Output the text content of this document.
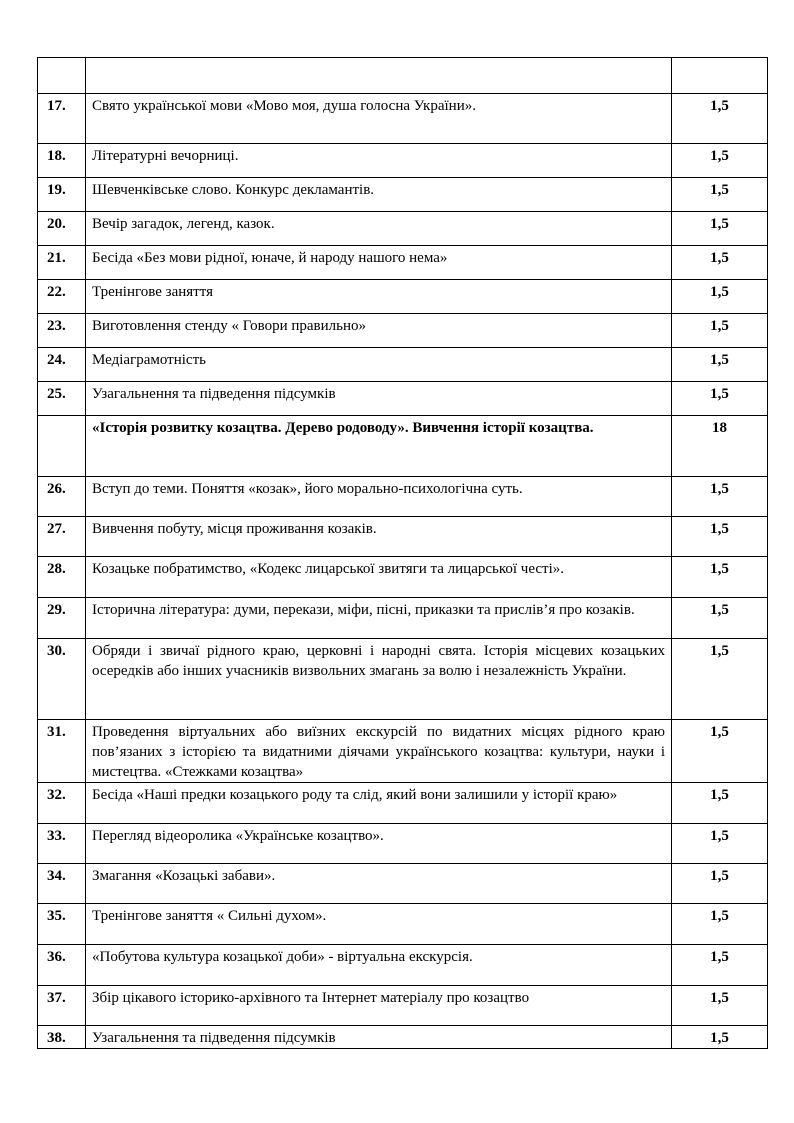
17.	Свято української мови «Мово моя, душа голосна України».	1,5
18.	Літературні вечорниці.	1,5
19.	Шевченківське слово. Конкурс декламантів.	1,5
20.	Вечір загадок, легенд, казок.	1,5
21.	Бесіда «Без мови рідної, юначе, й народу нашого нема»	1,5
22.	Тренінгове заняття	1,5
23.	Виготовлення стенду « Говори правильно»	1,5
24.	Медіаграмотність	1,5
25.	Узагальнення та підведення підсумків	1,5
	«Історія розвитку козацтва. Дерево родоводу». Вивчення історії козацтва.	18
26.	Вступ до теми. Поняття «козак», його морально-психологічна суть.	1,5
27.	Вивчення побуту, місця проживання козаків.	1,5
28.	Козацьке побратимство, «Кодекс лицарської звитяги та лицарської честі».	1,5
29.	Історична література: думи, перекази, міфи, пісні, приказки та прислів’я про козаків.	1,5
30.	Обряди і звичаї рідного краю, церковні і народні свята. Історія місцевих козацьких осередків або інших учасників визвольних змагань за волю і незалежність України.	1,5
31.	Проведення віртуальних або виїзних екскурсій по видатних місцях рідного краю пов’язаних з історією та видатними діячами українського козацтва: культури, науки і мистецтва. «Стежками козацтва»	1,5
32.	Бесіда «Наші предки козацького роду та слід, який вони залишили у історії краю»	1,5
33.	Перегляд відеоролика «Українське козацтво».	1,5
34.	Змагання «Козацькі забави».	1,5
35.	Тренінгове заняття « Сильні духом».	1,5
36.	«Побутова культура козацької доби» - віртуальна екскурсія.	1,5
37.	Збір цікавого історико-архівного та Інтернет матеріалу про козацтво	1,5
38.	Узагальнення та підведення підсумків	1,5
